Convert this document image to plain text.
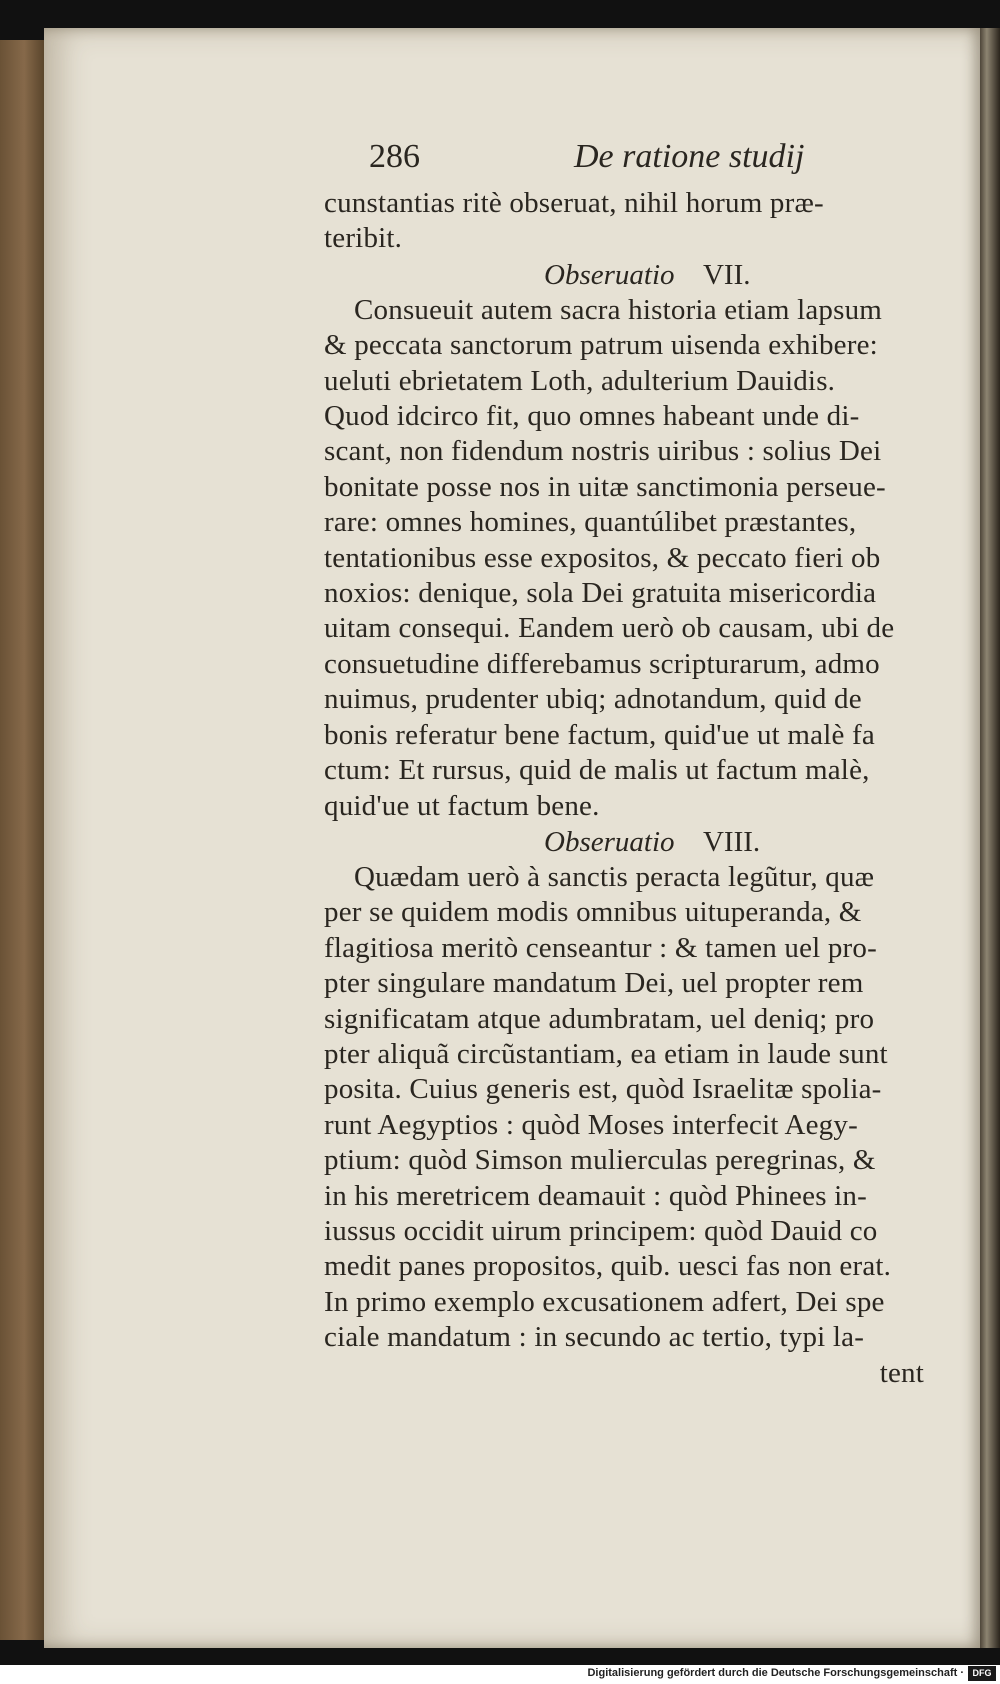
286	De ratione studij
cunstantias ritè obseruat, nihil horum præ-
teribit.
Obseruatio VII.
Consueuit autem sacra historia etiam lapsum
& peccata sanctorum patrum uisenda exhibere:
ueluti ebrietatem Loth, adulterium Dauidis.
Quod idcirco fit, quo omnes habeant unde di-
scant, non fidendum nostris uiribus : solius Dei
bonitate posse nos in uitæ sanctimonia perseue-
rare: omnes homines, quantúlibet præstantes,
tentationibus esse expositos, & peccato fieri ob
noxios: denique, sola Dei gratuita misericordia
uitam consequi. Eandem uerò ob causam, ubi de
consuetudine differebamus scripturarum, admo
nuimus, prudenter ubiq; adnotandum, quid de
bonis referatur bene factum, quid'ue ut malè fa
ctum: Et rursus, quid de malis ut factum malè,
quid'ue ut factum bene.
Obseruatio VIII.
Quædam uerò à sanctis peracta legũtur, quæ
per se quidem modis omnibus uituperanda, &
flagitiosa meritò censeantur : & tamen uel pro-
pter singulare mandatum Dei, uel propter rem
significatam atque adumbratam, uel deniq; pro
pter aliquã circũstantiam, ea etiam in laude sunt
posita. Cuius generis est, quòd Israelitæ spolia-
runt Aegyptios : quòd Moses interfecit Aegy-
ptium: quòd Simson mulierculas peregrinas, &
in his meretricem deamauit : quòd Phinees in-
iussus occidit uirum principem: quòd Dauid co
medit panes propositos, quib. uesci fas non erat.
In primo exemplo excusationem adfert, Dei spe
ciale mandatum : in secundo ac tertio, typi la-
tent
Digitalisierung gefördert durch die Deutsche Forschungsgemeinschaft · DFG
